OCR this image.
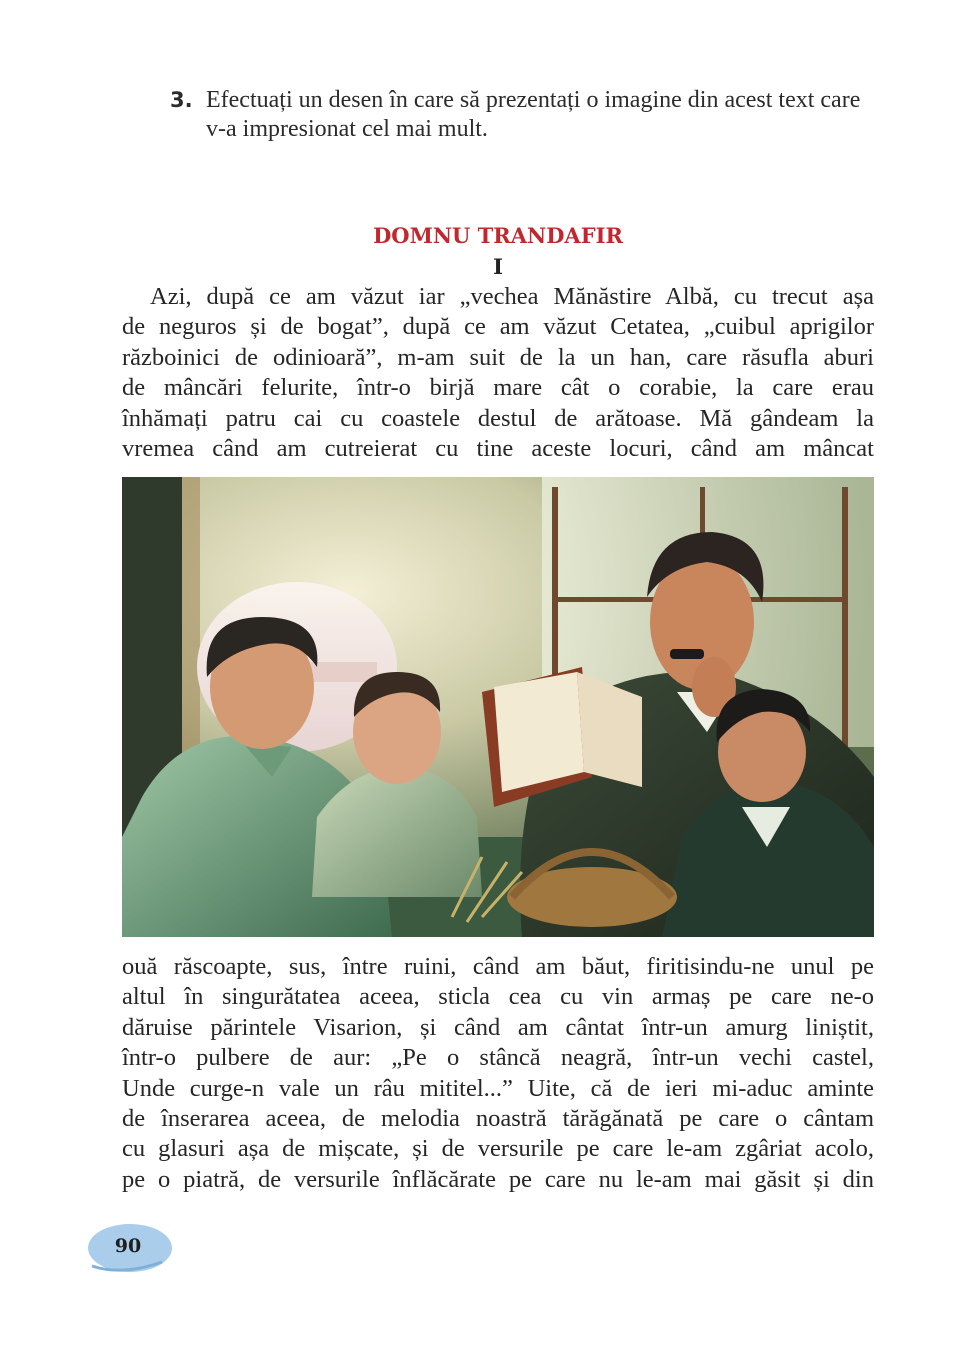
3. Efectuați un desen în care să prezentați o imagine din acest text care v-a impresionat cel mai mult.
DOMNU TRANDAFIR
I
Azi, după ce am văzut iar „vechea Mănăstire Albă, cu trecut așa
de neguros și de bogat”, după ce am văzut Cetatea, „cuibul aprigilor
războinici de odinioară”, m-am suit de la un han, care răsufla aburi
de mâncări felurite, într-o birjă mare cât o corabie, la care erau
înhămați patru cai cu coastele destul de arătoase. Mă gândeam la
vremea când am cutreierat cu tine aceste locuri, când am mâncat
ouă răscoapte, sus, între ruini, când am băut, firitisindu-ne unul pe
altul în singurătatea aceea, sticla cea cu vin armaș pe care ne-o
dăruise părintele Visarion, și când am cântat într-un amurg liniștit,
într-o pulbere de aur: „Pe o stâncă neagră, într-un vechi castel,
Unde curge-n vale un râu mititel...” Uite, că de ieri mi-aduc aminte
de înserarea aceea, de melodia noastră tărăgănată pe care o cântam
cu glasuri așa de mișcate, și de versurile pe care le-am zgâriat acolo,
pe o piatră, de versurile înflăcărate pe care nu le-am mai găsit și din
90
